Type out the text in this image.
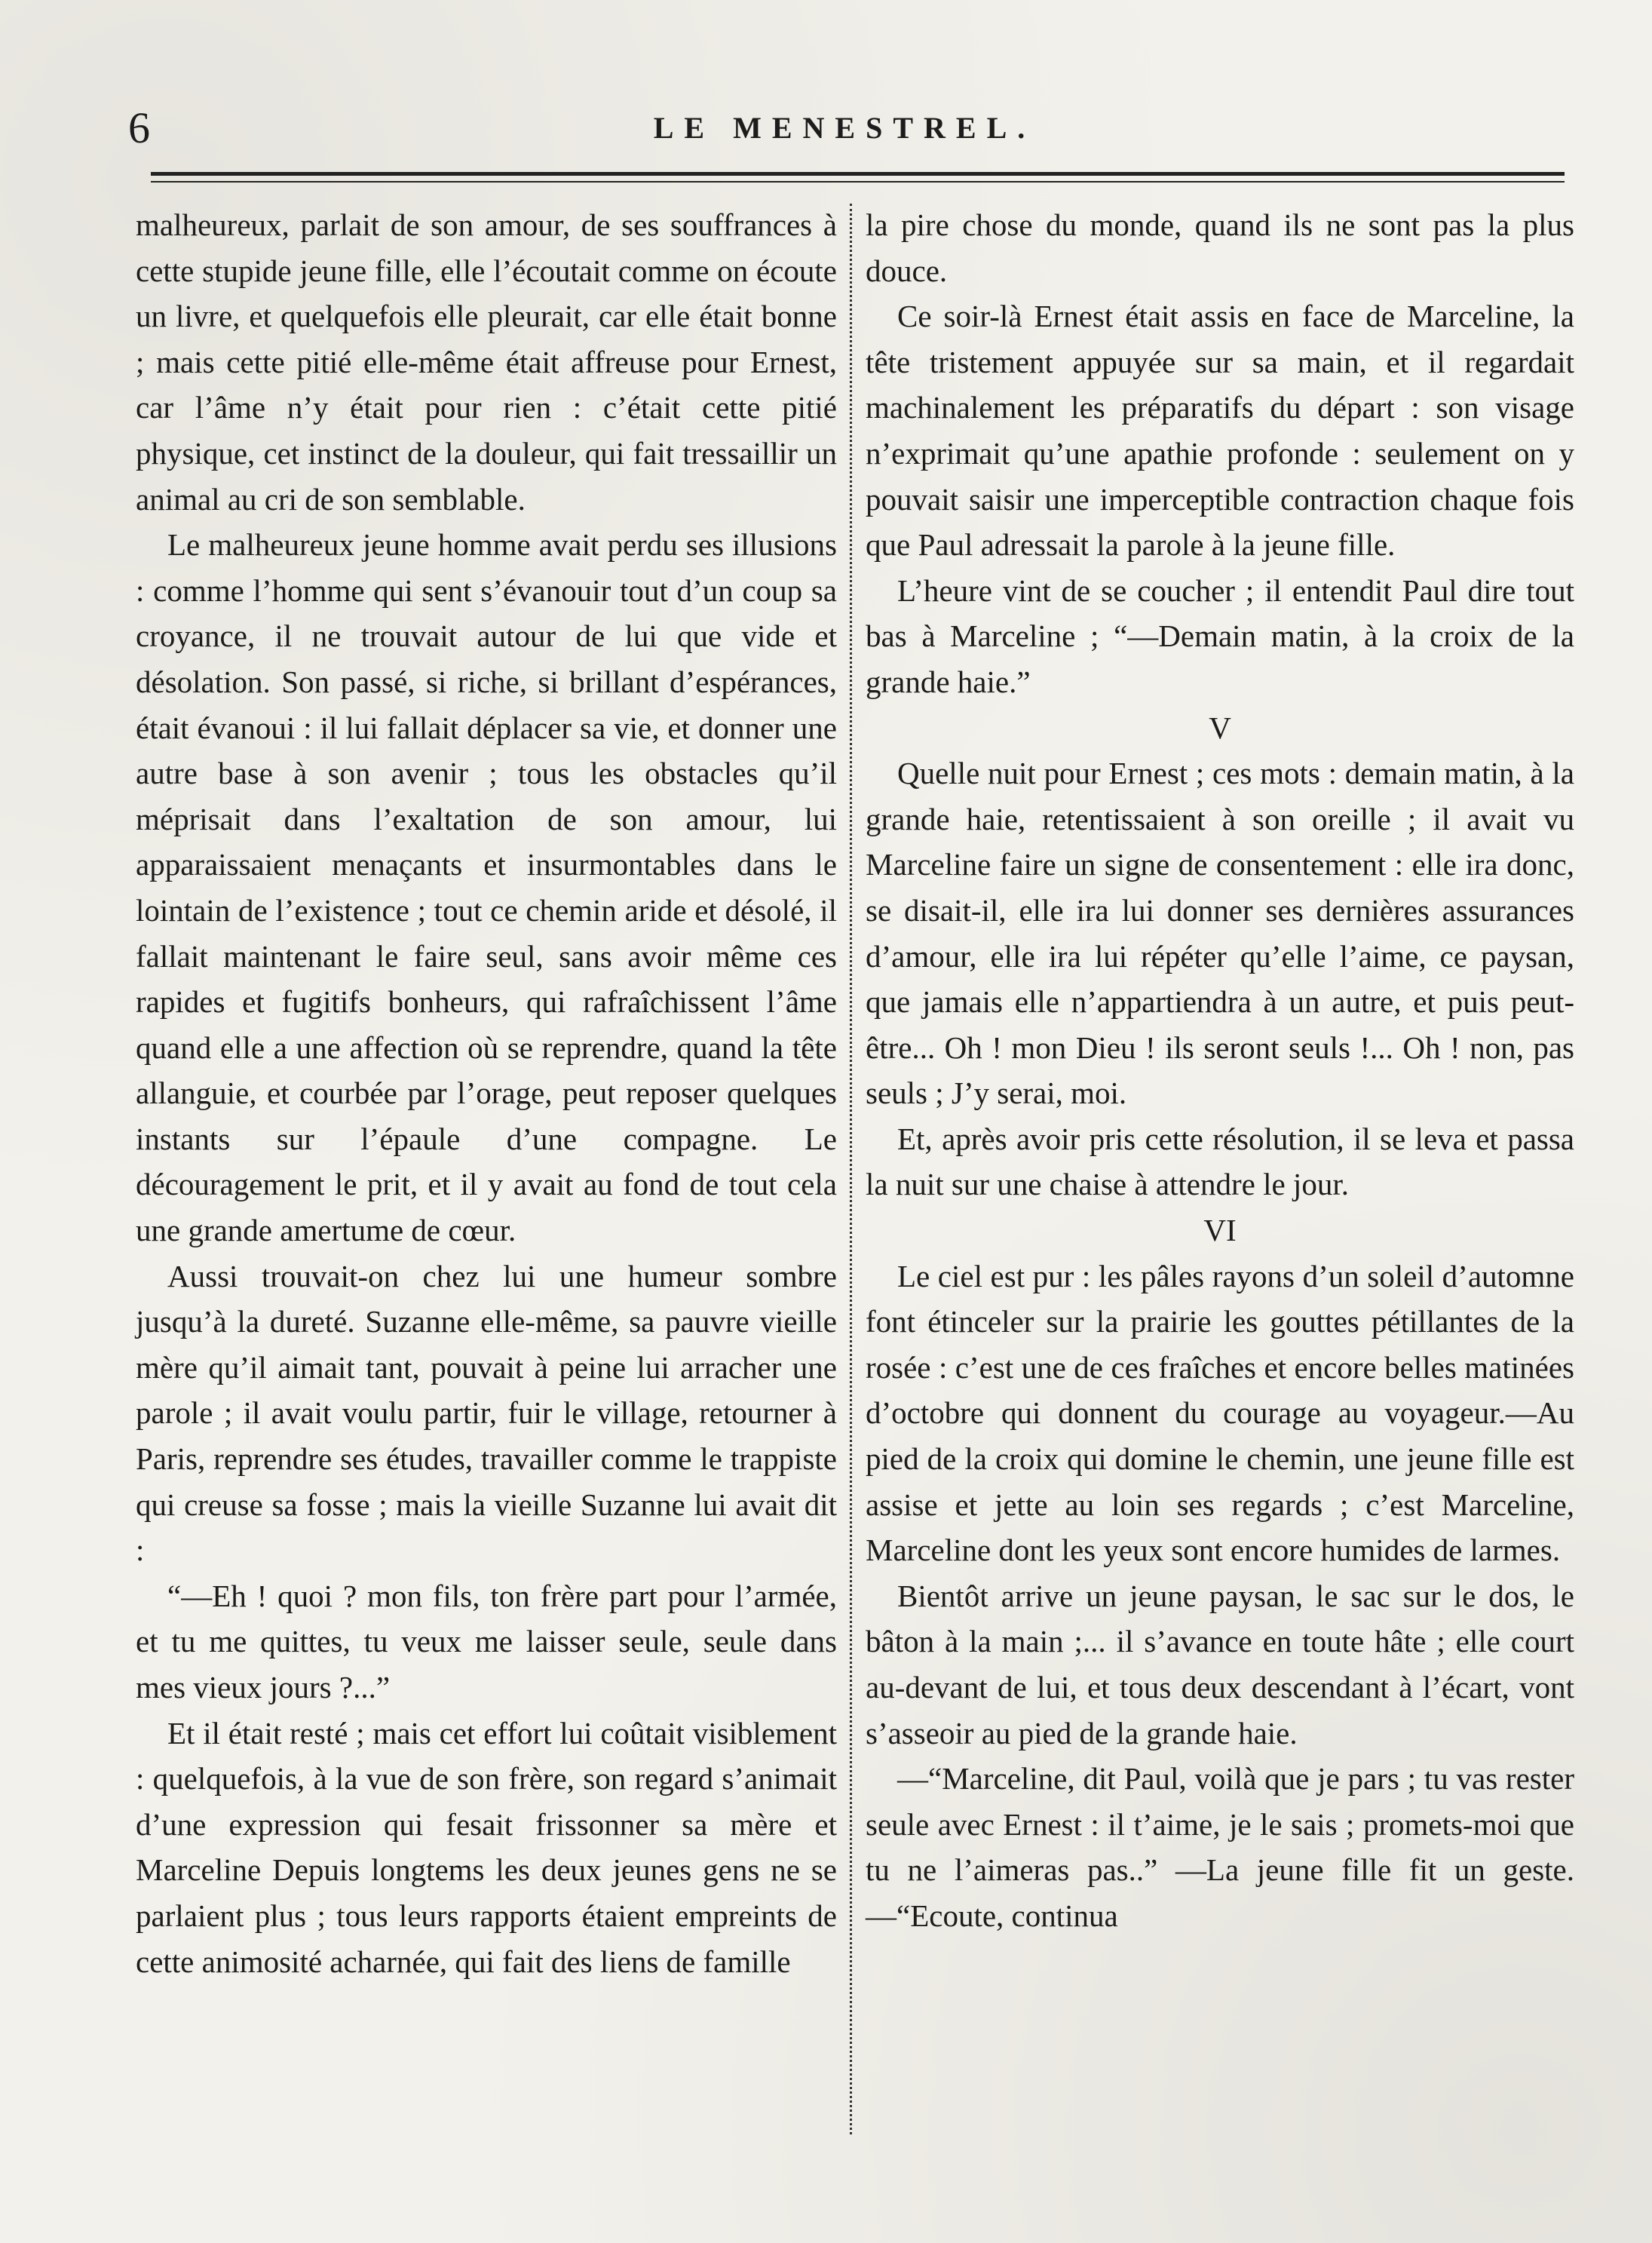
6	LE MENESTREL.

malheureux, parlait de son amour, de ses souffrances à cette stupide jeune fille, elle l’écoutait comme on écoute un livre, et quelquefois elle pleurait, car elle était bonne ; mais cette pitié elle-même était affreuse pour Ernest, car l’âme n’y était pour rien : c’était cette pitié physique, cet instinct de la douleur, qui fait tressaillir un animal au cri de son semblable.

Le malheureux jeune homme avait perdu ses illusions : comme l’homme qui sent s’évanouir tout d’un coup sa croyance, il ne trouvait autour de lui que vide et désolation. Son passé, si riche, si brillant d’espérances, était évanoui : il lui fallait déplacer sa vie, et donner une autre base à son avenir ; tous les obstacles qu’il méprisait dans l’exaltation de son amour, lui apparaissaient menaçants et insurmontables dans le lointain de l’existence ; tout ce chemin aride et désolé, il fallait maintenant le faire seul, sans avoir même ces rapides et fugitifs bonheurs, qui rafraîchissent l’âme quand elle a une affection où se reprendre, quand la tête allanguie, et courbée par l’orage, peut reposer quelques instants sur l’épaule d’une compagne. Le découragement le prit, et il y avait au fond de tout cela une grande amertume de cœur.

Aussi trouvait-on chez lui une humeur sombre jusqu’à la dureté. Suzanne elle-même, sa pauvre vieille mère qu’il aimait tant, pouvait à peine lui arracher une parole ; il avait voulu partir, fuir le village, retourner à Paris, reprendre ses études, travailler comme le trappiste qui creuse sa fosse ; mais la vieille Suzanne lui avait dit :

“—Eh ! quoi ? mon fils, ton frère part pour l’armée, et tu me quittes, tu veux me laisser seule, seule dans mes vieux jours ?...”

Et il était resté ; mais cet effort lui coûtait visiblement : quelquefois, à la vue de son frère, son regard s’animait d’une expression qui fesait frissonner sa mère et Marceline Depuis longtems les deux jeunes gens ne se parlaient plus ; tous leurs rapports étaient empreints de cette animosité acharnée, qui fait des liens de famille

la pire chose du monde, quand ils ne sont pas la plus douce.

Ce soir-là Ernest était assis en face de Marceline, la tête tristement appuyée sur sa main, et il regardait machinalement les préparatifs du départ : son visage n’exprimait qu’une apathie profonde : seulement on y pouvait saisir une imperceptible contraction chaque fois que Paul adressait la parole à la jeune fille.

L’heure vint de se coucher ; il entendit Paul dire tout bas à Marceline ; “—Demain matin, à la croix de la grande haie.”

V

Quelle nuit pour Ernest ; ces mots : demain matin, à la grande haie, retentissaient à son oreille ; il avait vu Marceline faire un signe de consentement : elle ira donc, se disait-il, elle ira lui donner ses dernières assurances d’amour, elle ira lui répéter qu’elle l’aime, ce paysan, que jamais elle n’appartiendra à un autre, et puis peut-être... Oh ! mon Dieu ! ils seront seuls !... Oh ! non, pas seuls ; J’y serai, moi.

Et, après avoir pris cette résolution, il se leva et passa la nuit sur une chaise à attendre le jour.

VI

Le ciel est pur : les pâles rayons d’un soleil d’automne font étinceler sur la prairie les gouttes pétillantes de la rosée : c’est une de ces fraîches et encore belles matinées d’octobre qui donnent du courage au voyageur.—Au pied de la croix qui domine le chemin, une jeune fille est assise et jette au loin ses regards ; c’est Marceline, Marceline dont les yeux sont encore humides de larmes.

Bientôt arrive un jeune paysan, le sac sur le dos, le bâton à la main ;... il s’avance en toute hâte ; elle court au-devant de lui, et tous deux descendant à l’écart, vont s’asseoir au pied de la grande haie.

—“Marceline, dit Paul, voilà que je pars ; tu vas rester seule avec Ernest : il t’aime, je le sais ; promets-moi que tu ne l’aimeras pas..” —La jeune fille fit un geste.—“Ecoute, continua
